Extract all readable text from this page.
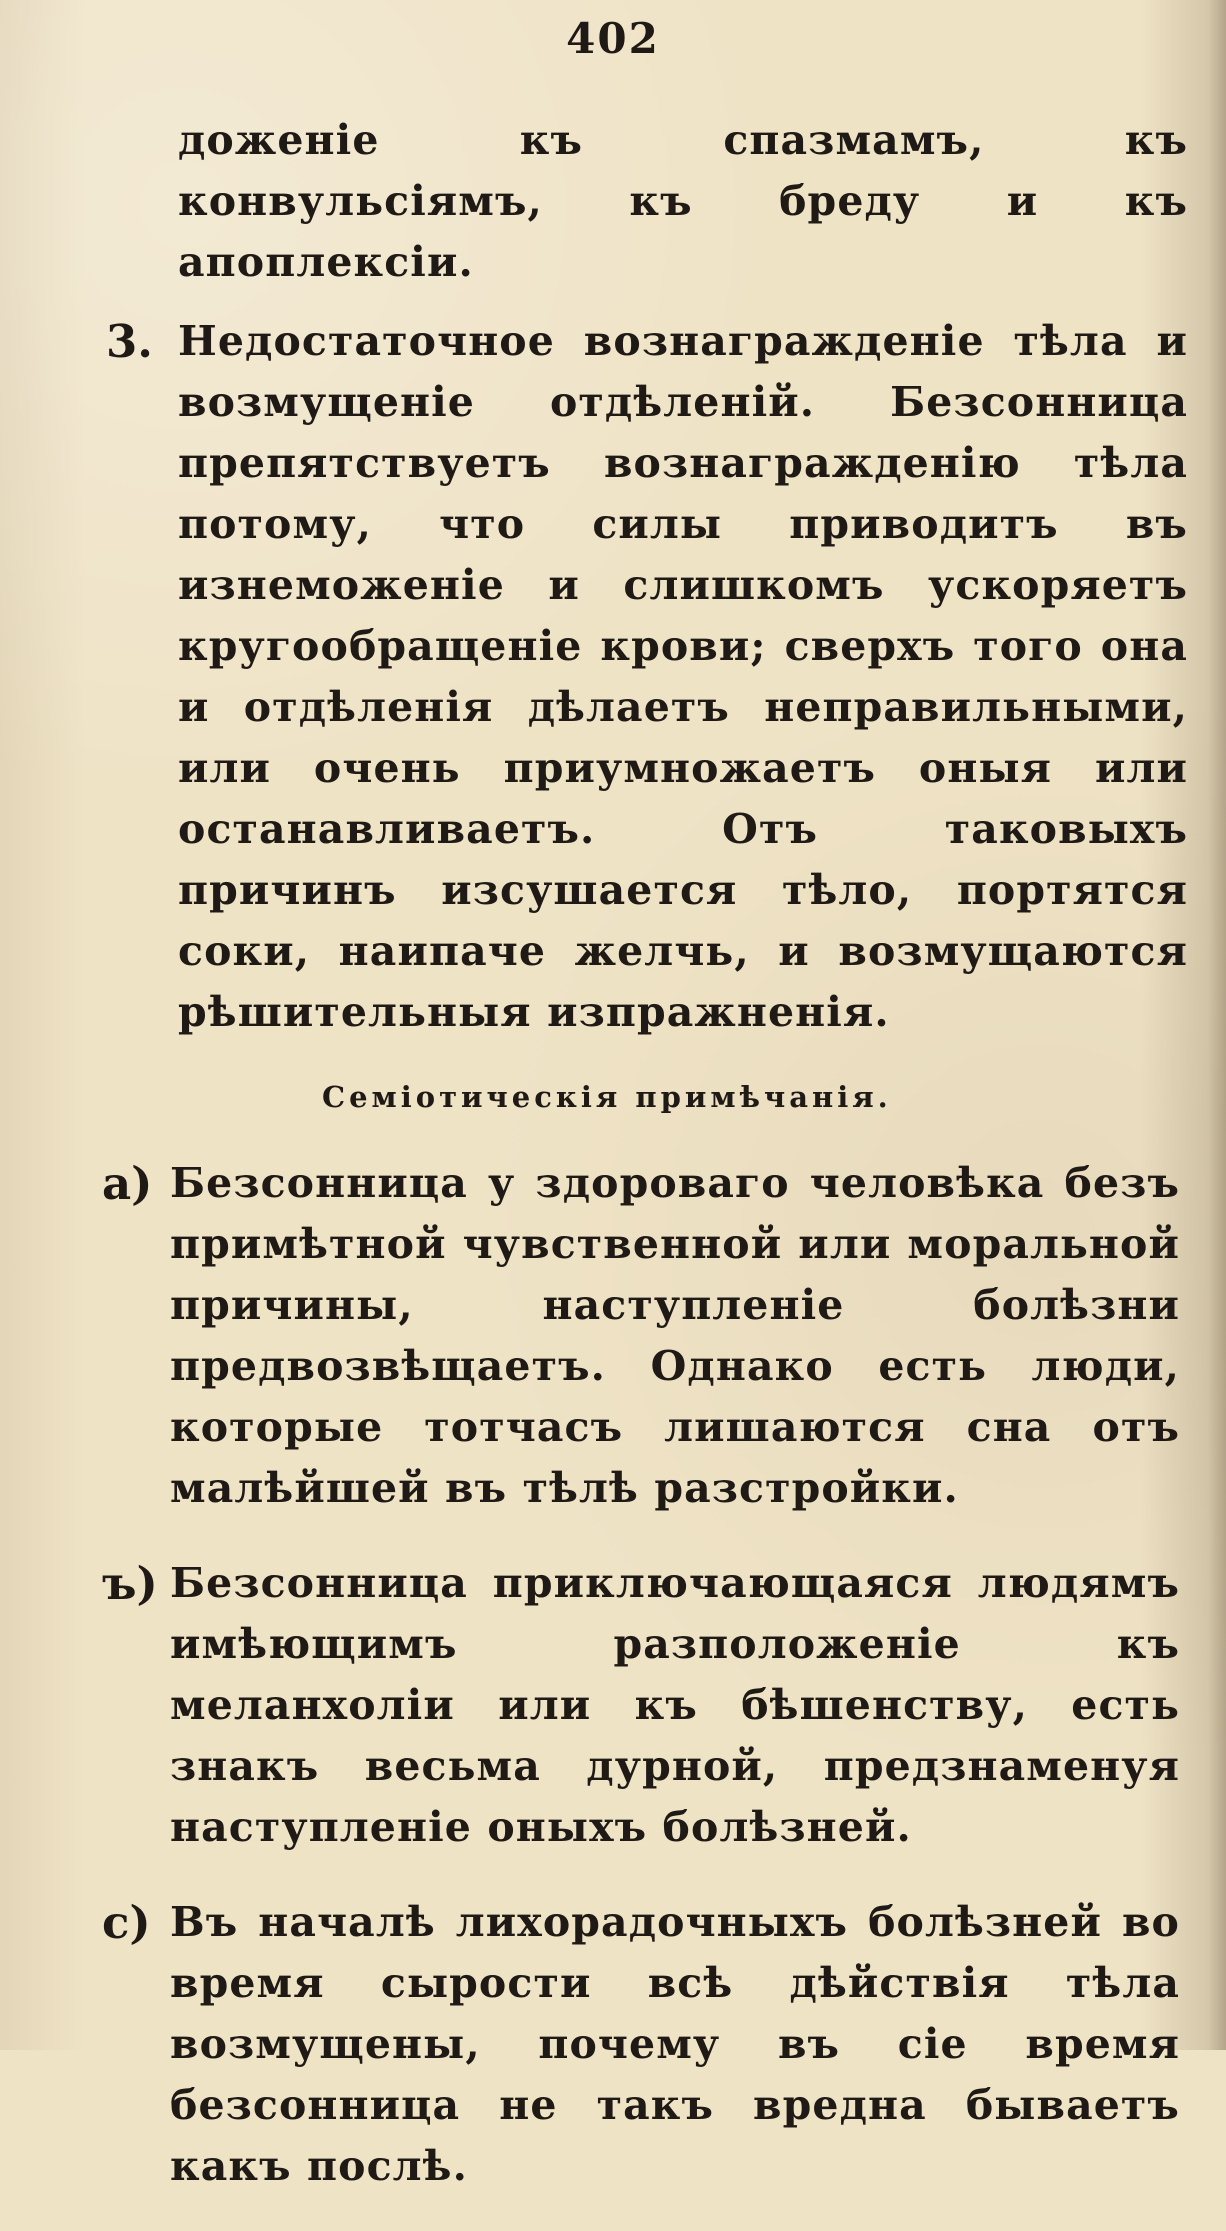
402
доженіе къ спазмамъ, къ конвульсіямъ, къ бреду и къ апоплексіи.
3. Недостаточное вознагражденіе тѣла и возмущеніе отдѣленій. Безсонница препятствуетъ вознагражденію тѣла потому, что силы приводитъ въ изнеможеніе и слишкомъ ускоряетъ кругообращеніе крови; сверхъ того она и отдѣленія дѣлаетъ неправильными, или очень приумножаетъ оныя или останавливаетъ. Отъ таковыхъ причинъ изсушается тѣло, портятся соки, наипаче желчь, и возмущаются рѣшительныя изпражненія.
Семіотическія примѣчанія.
a) Безсонница у здороваго человѣка безъ примѣтной чувственной или моральной причины, наступленіе болѣзни предвозвѣщаетъ. Однако есть люди, которые тотчасъ лишаются сна отъ малѣйшей въ тѣлѣ разстройки.
ъ) Безсонница приключающаяся людямъ имѣющимъ разположеніе къ меланхоліи или къ бѣшенству, есть знакъ весьма дурной, предзнаменуя наступленіе оныхъ болѣзней.
c) Въ началѣ лихорадочныхъ болѣзней во время сырости всѣ дѣйствія тѣла возмущены, почему въ сіе время безсонница не такъ вредна бываетъ какъ послѣ.
